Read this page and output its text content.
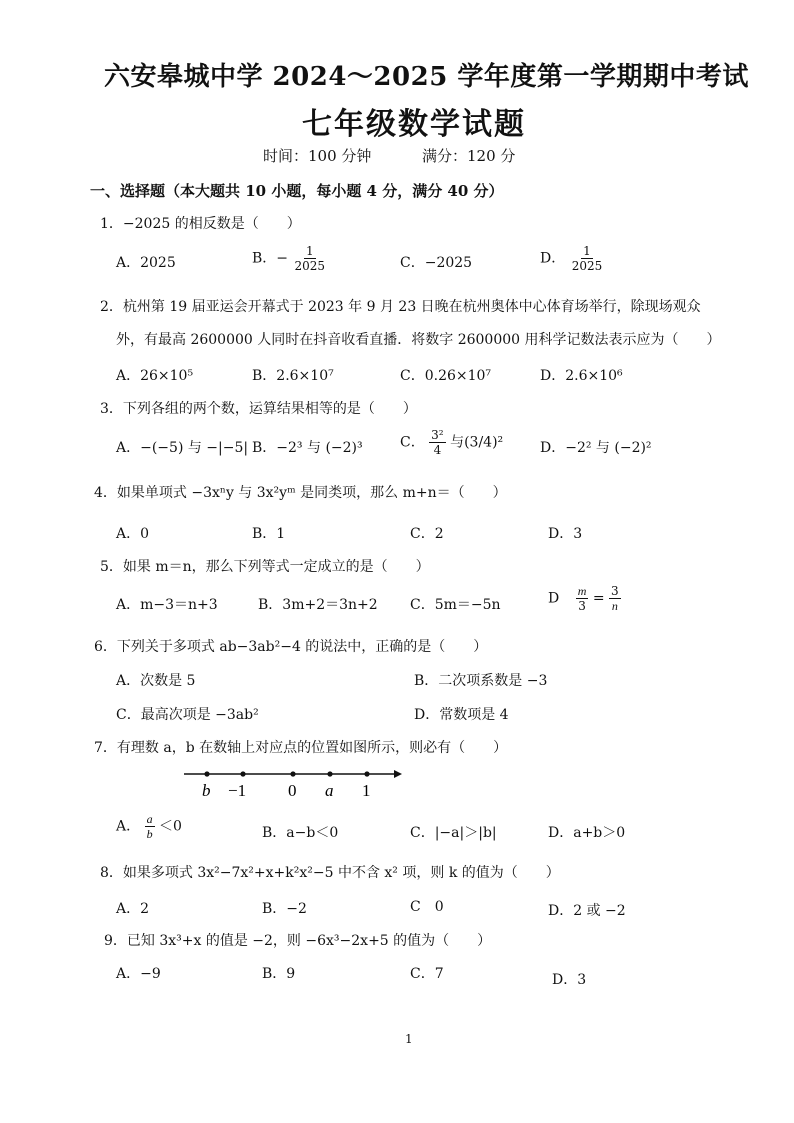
六安皋城中学 2024～2025 学年度第一学期期中考试
七年级数学试题
时间：100 分钟	满分：120 分
一、选择题（本大题共 10 小题，每小题 4 分，满分 40 分）
1．−2025 的相反数是（　　）
A．2025	B．− $\frac{1}{2025}$	C．−2025	D． $\frac{1}{2025}$
2．杭州第 19 届亚运会开幕式于 2023 年 9 月 23 日晚在杭州奥体中心体育场举行，除现场观众
外，有最高 2600000 人同时在抖音收看直播．将数字 2600000 用科学记数法表示应为（　　）
A．26×10⁵	B．2.6×10⁷	C．0.26×10⁷	D．2.6×10⁶
3．下列各组的两个数，运算结果相等的是（　　）
A．−(−5) 与 −|−5| B．−2³ 与 (−2)³	C． $\frac{\text{3²}}{4}$ 与(3/4)²	D．−2² 与 (−2)²
4．如果单项式 −3xⁿy 与 3x²yᵐ 是同类项，那么 m+n＝（　　）
A．0	B．1	C．2	D．3
5．如果 m＝n，那么下列等式一定成立的是（　　）
A．m−3＝n+3	B．3m+2＝3n+2 C．5m＝−5n	D $\frac{m}{3} = \frac{3}{n}$
6．下列关于多项式 ab−3ab²−4 的说法中，正确的是（　　）
A．次数是 5	B．二次项系数是 −3
C．最高次项是 −3ab²	D．常数项是 4
7．有理数 a，b 在数轴上对应点的位置如图所示，则必有（　　）
b −1 0 a 1
A． $\frac{a}{b} <0$	B．a−b＜0	C．|−a|＞|b|	D．a+b＞0
8．如果多项式 3x²−7x²+x+k²x²−5 中不含 x² 项，则 k 的值为（　　）
A．2	B．−2	C　0	D．2 或 −2
9．已知 3x³+x 的值是 −2，则 −6x³−2x+5 的值为（　　）
A．−9	B．9	C．7	D．3
1
